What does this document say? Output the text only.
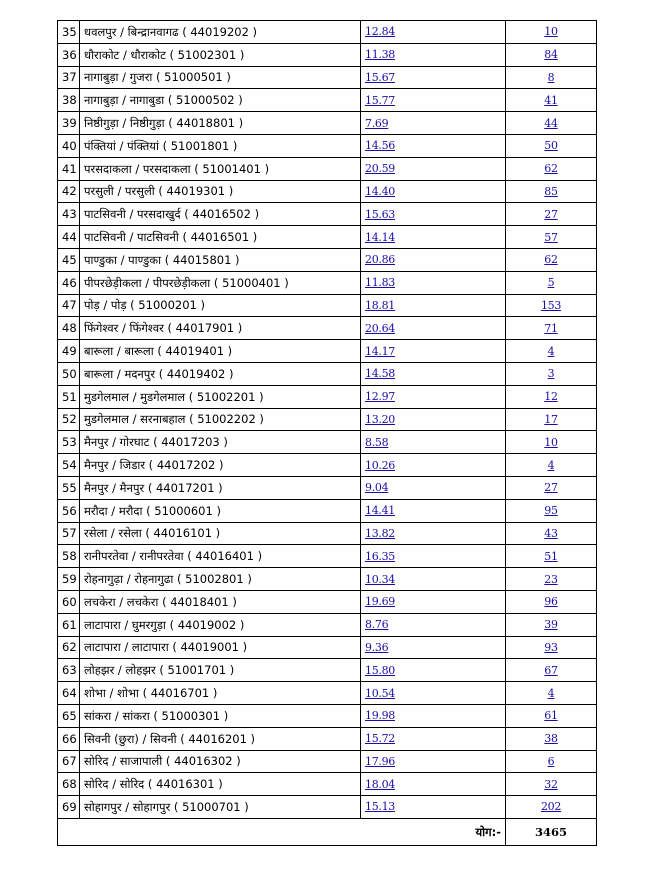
35	धवलपुर / बिन्द्रानवागढ ( 44019202 )	12.84	10
36	धौराकोट / धौराकोट ( 51002301 )	11.38	84
37	नागाबुड़ा / गुजरा ( 51000501 )	15.67	8
38	नागाबुड़ा / नागाबुडा ( 51000502 )	15.77	41
39	निष्ठीगुड़ा / निष्ठीगुड़ा ( 44018801 )	7.69	44
40	पंक्तियां / पंक्तियां ( 51001801 )	14.56	50
41	परसदाकला / परसदाकला ( 51001401 )	20.59	62
42	परसुली / परसुली ( 44019301 )	14.40	85
43	पाटसिवनी / परसदाखुर्द ( 44016502 )	15.63	27
44	पाटसिवनी / पाटसिवनी ( 44016501 )	14.14	57
45	पाण्डुका / पाण्डुका ( 44015801 )	20.86	62
46	पीपरछेड़ीकला / पीपरछेड़ीकला ( 51000401 )	11.83	5
47	पोड़ / पोड़ ( 51000201 )	18.81	153
48	फिंगेश्वर / फिंगेश्वर ( 44017901 )	20.64	71
49	बारूला / बारूला ( 44019401 )	14.17	4
50	बारूला / मदनपुर ( 44019402 )	14.58	3
51	मुडगेलमाल / मुडगेलमाल ( 51002201 )	12.97	12
52	मुडगेलमाल / सरनाबहाल ( 51002202 )	13.20	17
53	मैनपुर / गोरघाट ( 44017203 )	8.58	10
54	मैनपुर / जिडार ( 44017202 )	10.26	4
55	मैनपुर / मैनपुर ( 44017201 )	9.04	27
56	मरौदा / मरौदा ( 51000601 )	14.41	95
57	रसेला / रसेला ( 44016101 )	13.82	43
58	रानीपरतेवा / रानीपरतेवा ( 44016401 )	16.35	51
59	रोहनागुढ़ा / रोहनागुढा ( 51002801 )	10.34	23
60	लचकेरा / लचकेरा ( 44018401 )	19.69	96
61	लाटापारा / घुमरगुड़ा ( 44019002 )	8.76	39
62	लाटापारा / लाटापारा ( 44019001 )	9.36	93
63	लोहझर / लोहझर ( 51001701 )	15.80	67
64	शोभा / शोभा ( 44016701 )	10.54	4
65	सांकरा / सांकरा ( 51000301 )	19.98	61
66	सिवनी (छुरा) / सिवनी ( 44016201 )	15.72	38
67	सोरिद / साजापाली ( 44016302 )	17.96	6
68	सोरिद / सोरिद ( 44016301 )	18.04	32
69	सोहागपुर / सोहागपुर ( 51000701 )	15.13	202
योग:-			3465
